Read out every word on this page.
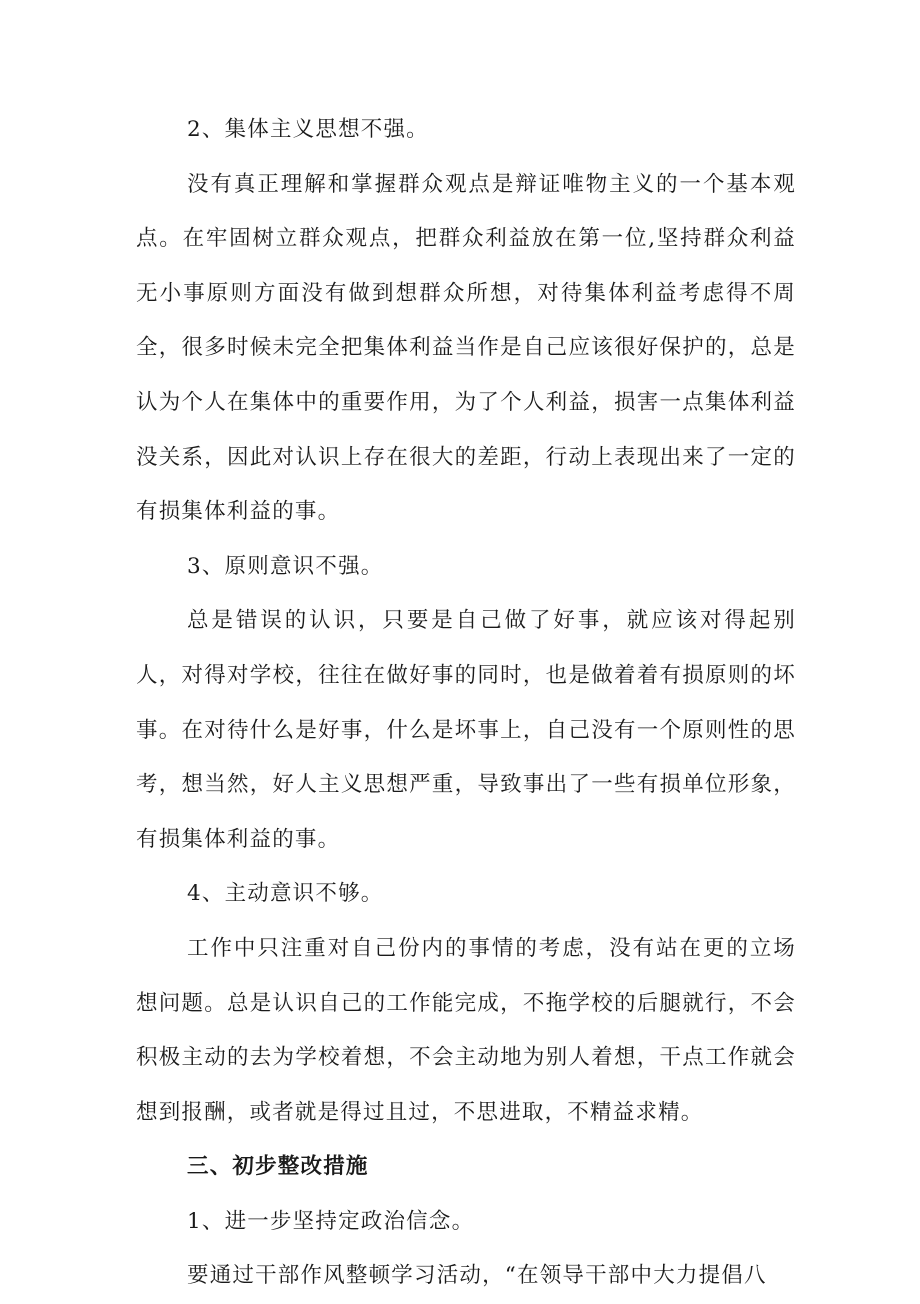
2、集体主义思想不强。

没有真正理解和掌握群众观点是辩证唯物主义的一个基本观点。在牢固树立群众观点，把群众利益放在第一位,坚持群众利益无小事原则方面没有做到想群众所想，对待集体利益考虑得不周全，很多时候未完全把集体利益当作是自己应该很好保护的，总是认为个人在集体中的重要作用，为了个人利益，损害一点集体利益没关系，因此对认识上存在很大的差距，行动上表现出来了一定的有损集体利益的事。

3、原则意识不强。

总是错误的认识，只要是自己做了好事，就应该对得起别人，对得对学校，往往在做好事的同时，也是做着着有损原则的坏事。在对待什么是好事，什么是坏事上，自己没有一个原则性的思考，想当然，好人主义思想严重，导致事出了一些有损单位形象，有损集体利益的事。

4、主动意识不够。

工作中只注重对自己份内的事情的考虑，没有站在更的立场想问题。总是认识自己的工作能完成，不拖学校的后腿就行，不会积极主动的去为学校着想，不会主动地为别人着想，干点工作就会想到报酬，或者就是得过且过，不思进取，不精益求精。

三、初步整改措施

1、进一步坚持定政治信念。

要通过干部作风整顿学习活动，“在领导干部中大力提倡八
